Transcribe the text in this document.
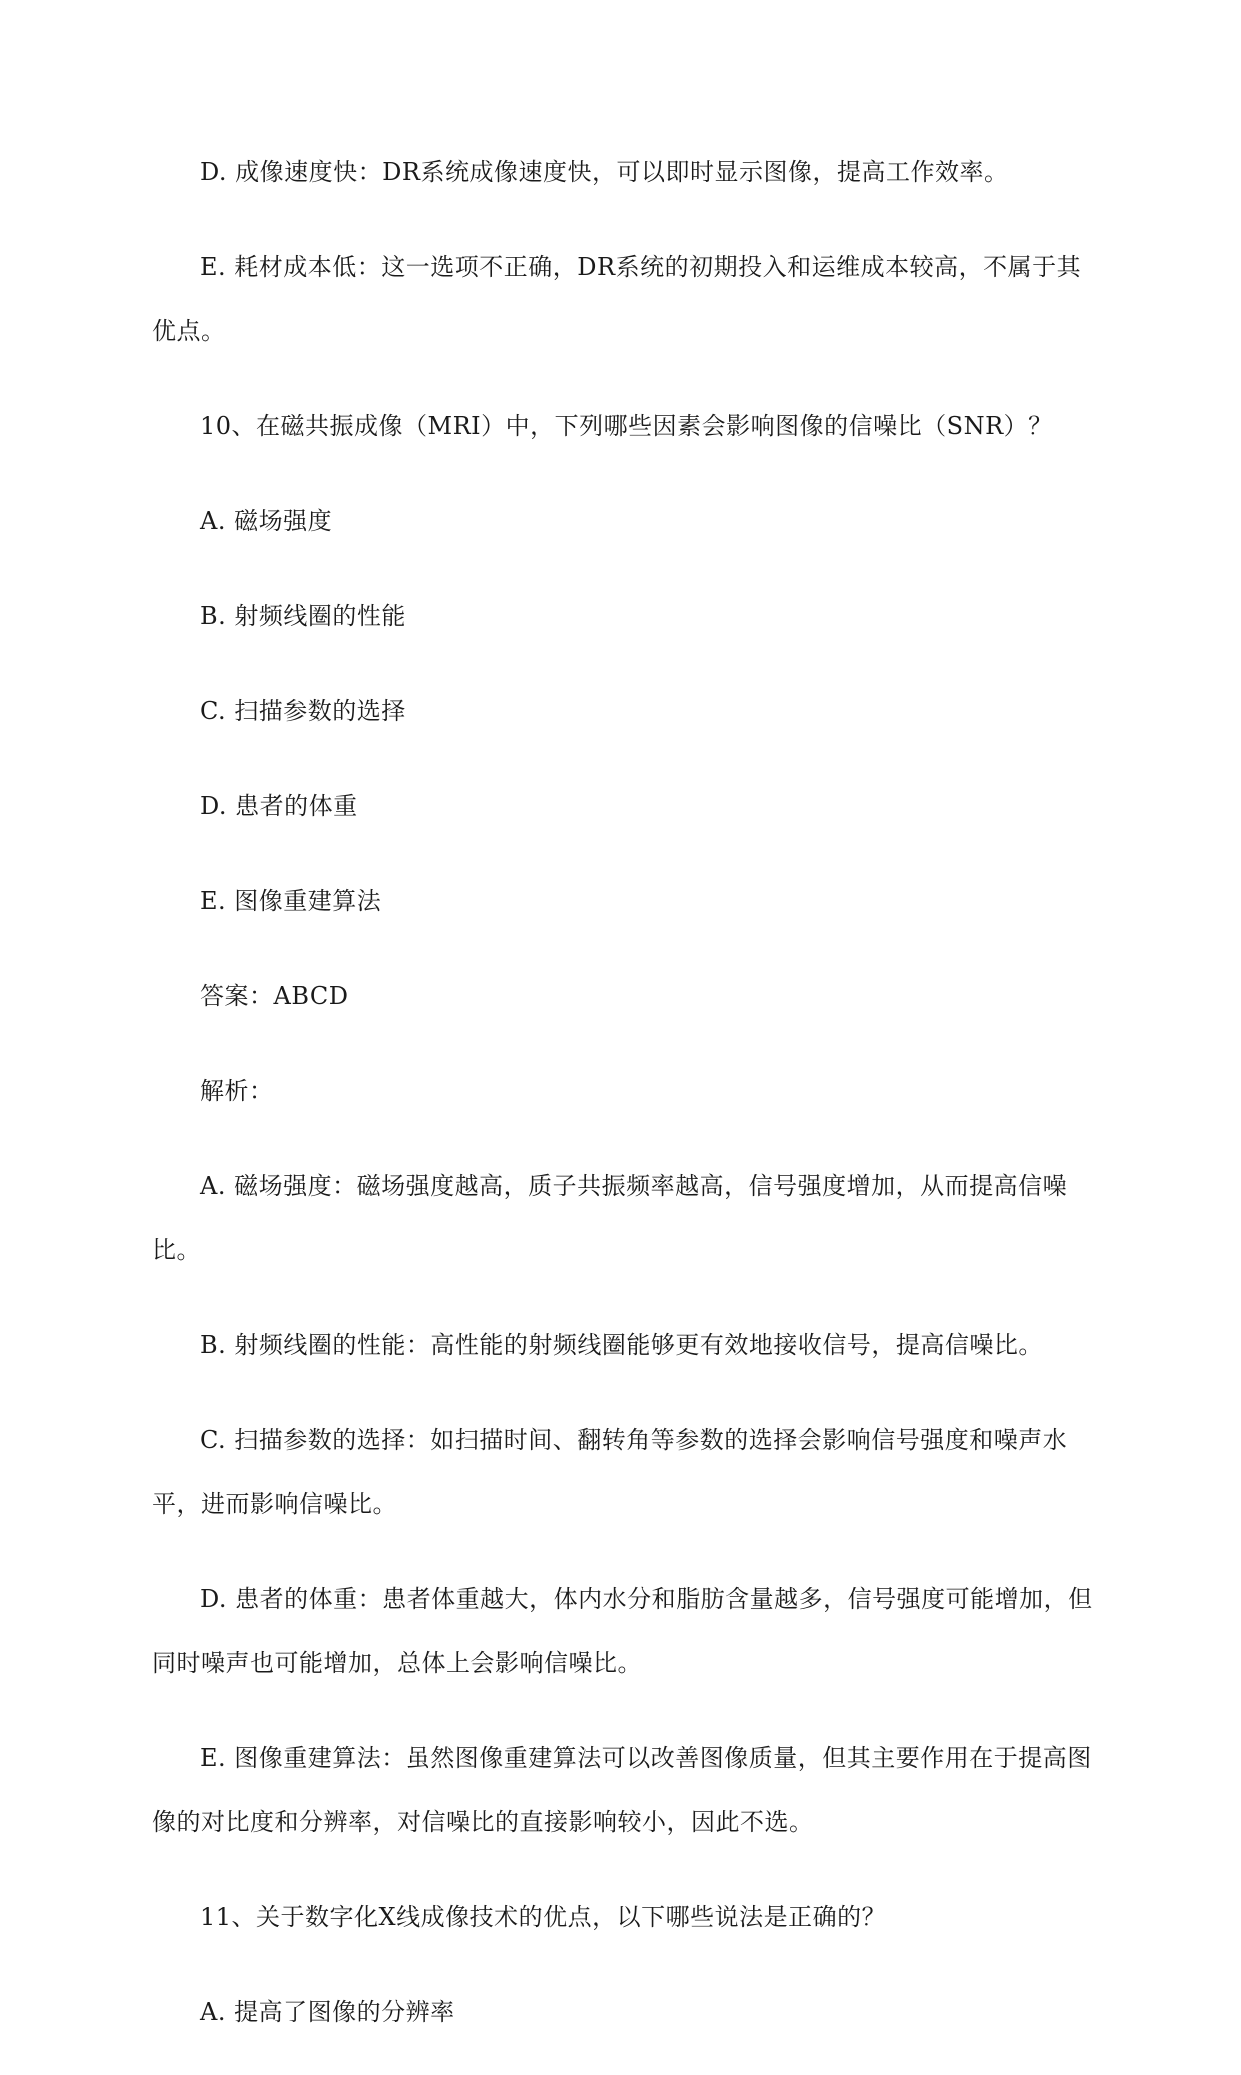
D. 成像速度快：DR系统成像速度快，可以即时显示图像，提高工作效率。

E. 耗材成本低：这一选项不正确，DR系统的初期投入和运维成本较高，不属于其优点。

10、在磁共振成像（MRI）中，下列哪些因素会影响图像的信噪比（SNR）？

A. 磁场强度

B. 射频线圈的性能

C. 扫描参数的选择

D. 患者的体重

E. 图像重建算法

答案：ABCD

解析：

A. 磁场强度：磁场强度越高，质子共振频率越高，信号强度增加，从而提高信噪比。

B. 射频线圈的性能：高性能的射频线圈能够更有效地接收信号，提高信噪比。

C. 扫描参数的选择：如扫描时间、翻转角等参数的选择会影响信号强度和噪声水平，进而影响信噪比。

D. 患者的体重：患者体重越大，体内水分和脂肪含量越多，信号强度可能增加，但同时噪声也可能增加，总体上会影响信噪比。

E. 图像重建算法：虽然图像重建算法可以改善图像质量，但其主要作用在于提高图像的对比度和分辨率，对信噪比的直接影响较小，因此不选。

11、关于数字化X线成像技术的优点，以下哪些说法是正确的？

A. 提高了图像的分辨率
